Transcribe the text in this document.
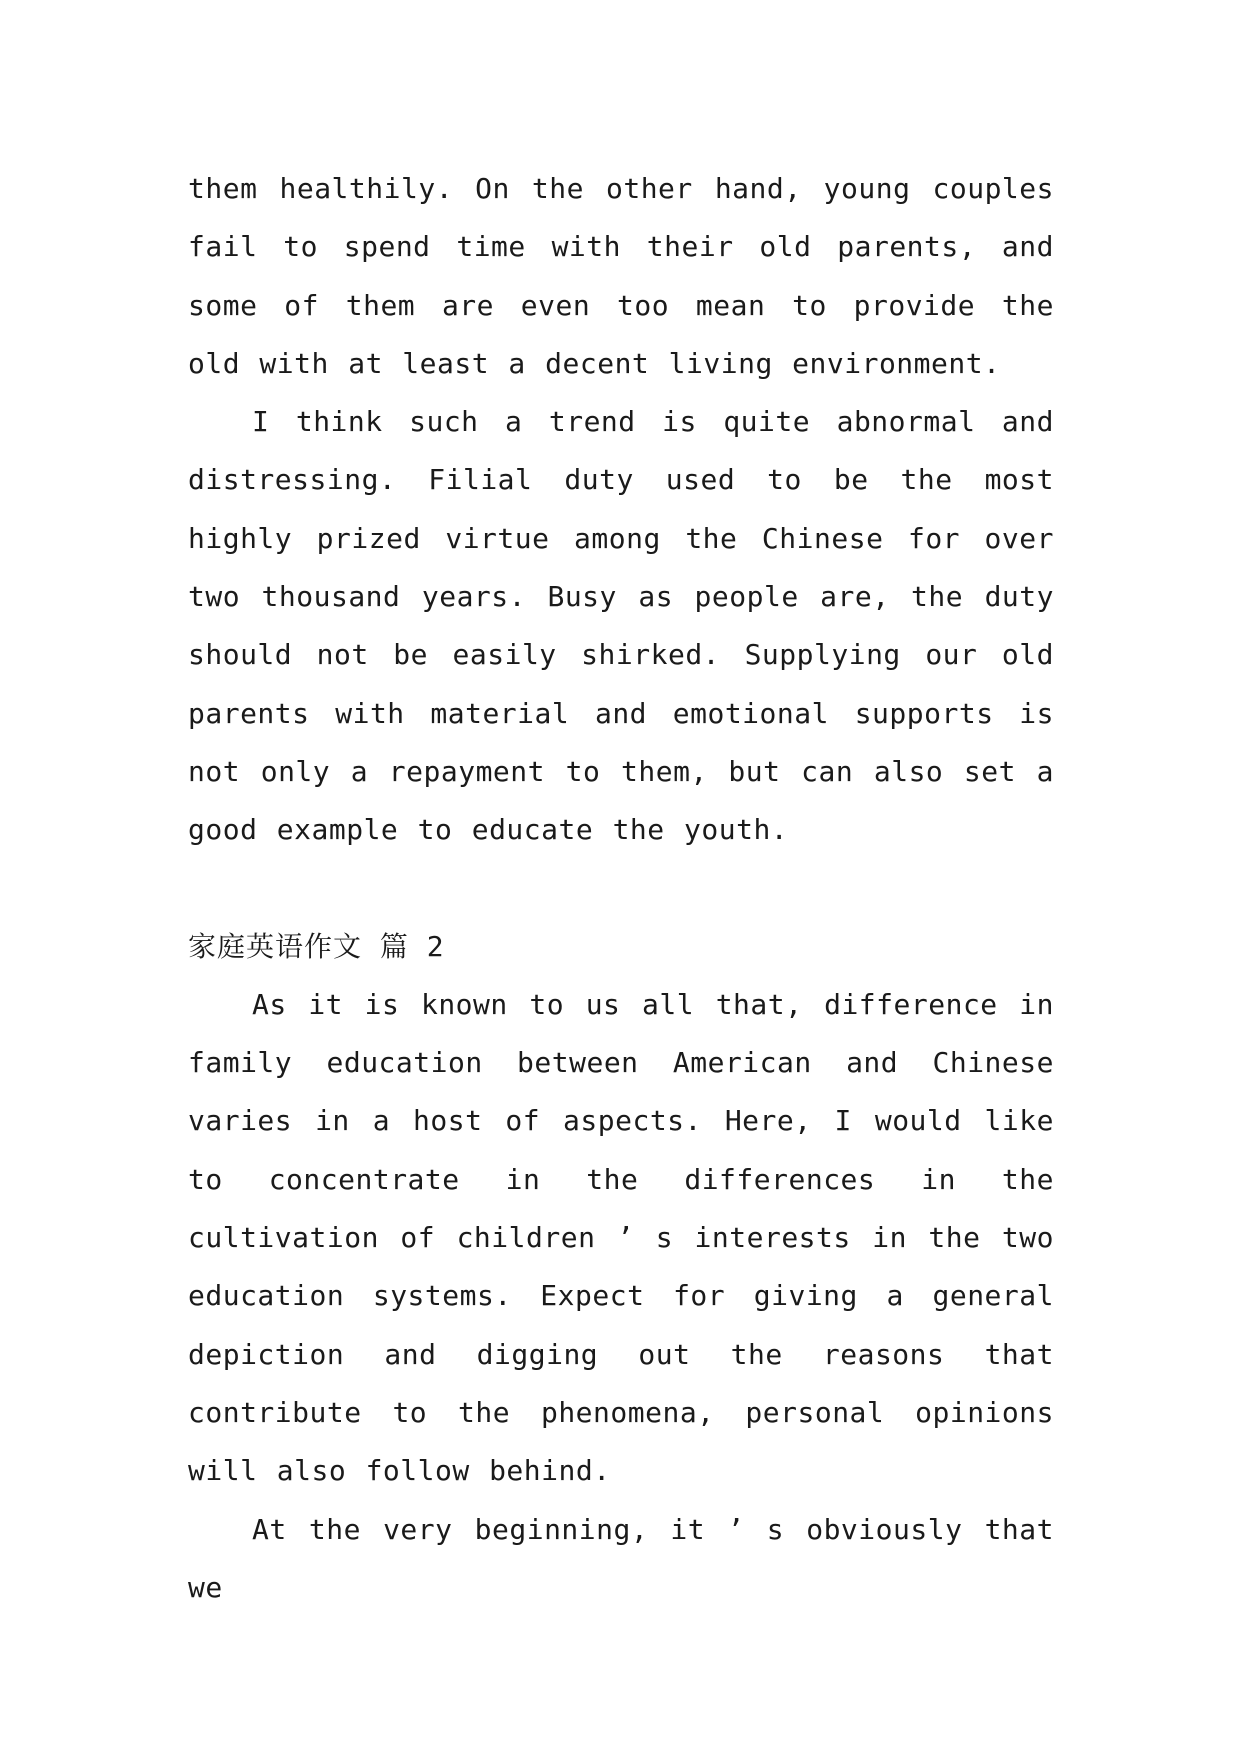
them healthily. On the other hand, young couples fail to spend time with their old parents, and some of them are even too mean to provide the old with at least a decent living environment.

I think such a trend is quite abnormal and distressing. Filial duty used to be the most highly prized virtue among the Chinese for over two thousand years. Busy as people are, the duty should not be easily shirked. Supplying our old parents with material and emotional supports is not only a repayment to them, but can also set a good example to educate the youth.

家庭英语作文 篇 2

As it is known to us all that, difference in family education between American and Chinese varies in a host of aspects. Here, I would like to concentrate in the differences in the cultivation of children ’ s interests in the two education systems. Expect for giving a general depiction and digging out the reasons that contribute to the phenomena, personal opinions will also follow behind.

At the very beginning, it ’ s obviously that we
